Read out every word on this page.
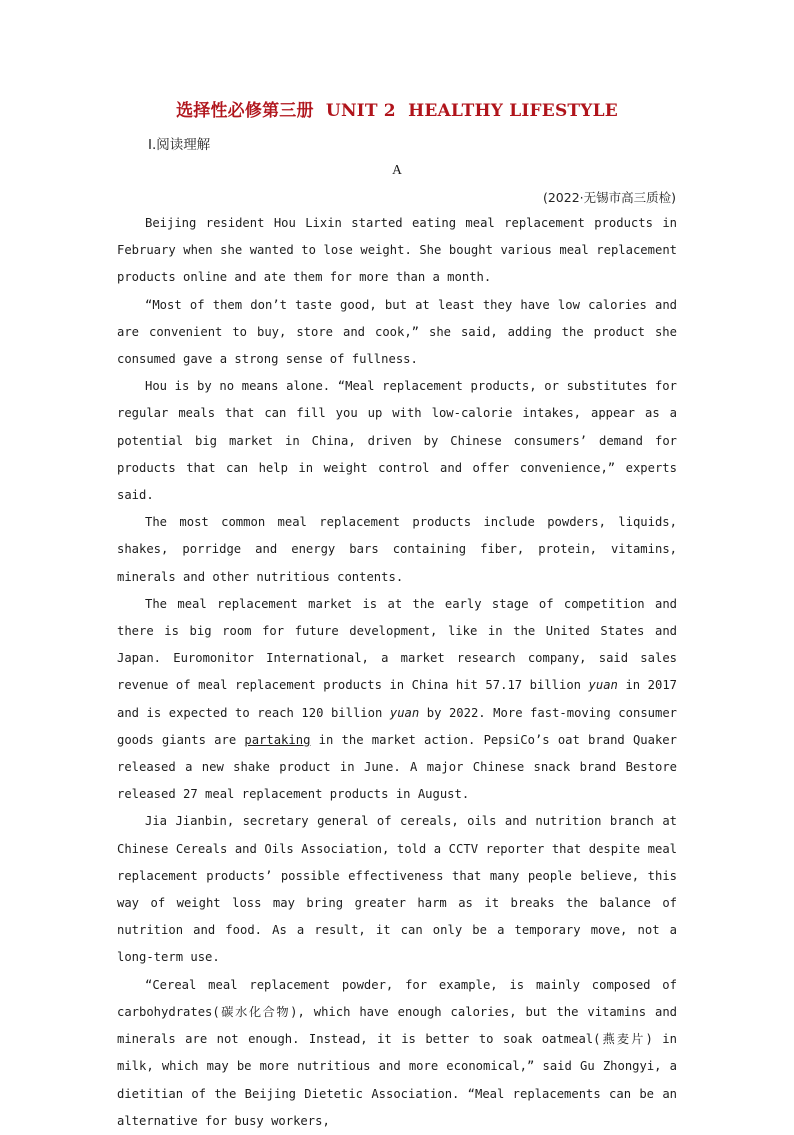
选择性必修第三册  UNIT 2  HEALTHY LIFESTYLE
Ⅰ.阅读理解
A
(2022·无锡市高三质检)

Beijing resident Hou Lixin started eating meal replacement products in February when she wanted to lose weight. She bought various meal replacement products online and ate them for more than a month.

“Most of them don’t taste good, but at least they have low calories and are convenient to buy, store and cook,” she said, adding the product she consumed gave a strong sense of fullness.

Hou is by no means alone. “Meal replacement products, or substitutes for regular meals that can fill you up with low-calorie intakes, appear as a potential big market in China, driven by Chinese consumers’ demand for products that can help in weight control and offer convenience,” experts said.

The most common meal replacement products include powders, liquids, shakes, porridge and energy bars containing fiber, protein, vitamins, minerals and other nutritious contents.

The meal replacement market is at the early stage of competition and there is big room for future development, like in the United States and Japan. Euromonitor International, a market research company, said sales revenue of meal replacement products in China hit 57.17 billion yuan in 2017 and is expected to reach 120 billion yuan by 2022. More fast-moving consumer goods giants are partaking in the market action. PepsiCo’s oat brand Quaker released a new shake product in June. A major Chinese snack brand Bestore released 27 meal replacement products in August.

Jia Jianbin, secretary general of cereals, oils and nutrition branch at Chinese Cereals and Oils Association, told a CCTV reporter that despite meal replacement products’ possible effectiveness that many people believe, this way of weight loss may bring greater harm as it breaks the balance of nutrition and food. As a result, it can only be a temporary move, not a long-term use.

“Cereal meal replacement powder, for example, is mainly composed of carbohydrates(碳水化合物), which have enough calories, but the vitamins and minerals are not enough. Instead, it is better to soak oatmeal(燕麦片) in milk, which may be more nutritious and more economical,” said Gu Zhongyi, a dietitian of the Beijing Dietetic Association. “Meal replacements can be an alternative for busy workers,
